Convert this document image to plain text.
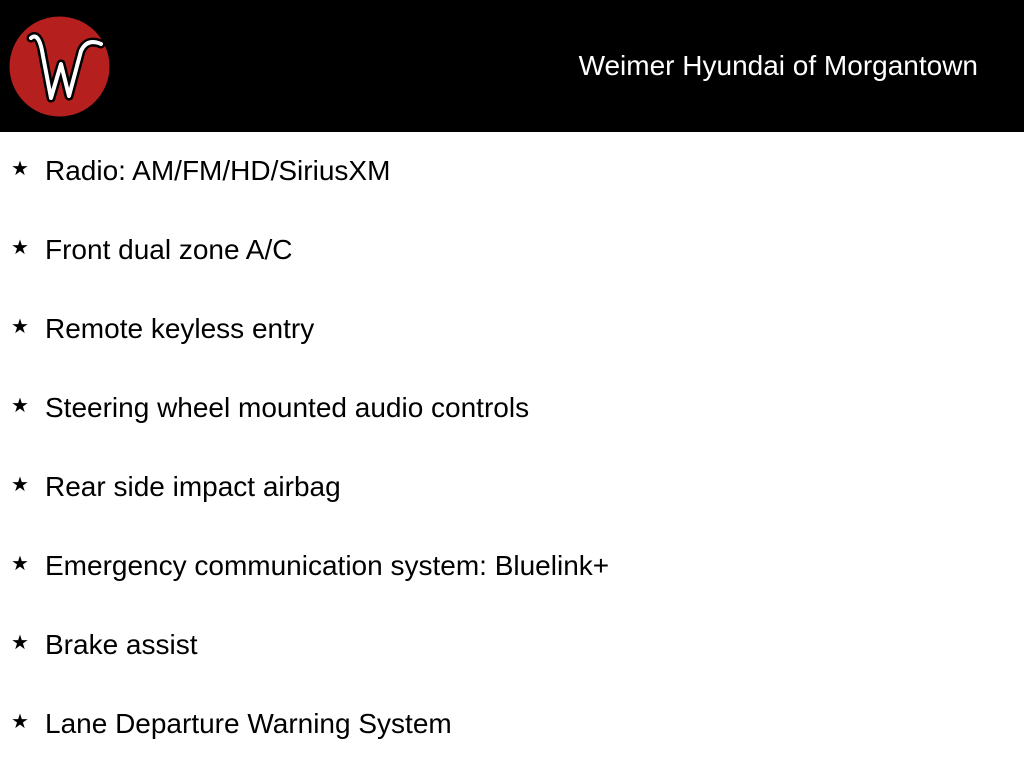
Weimer Hyundai of Morgantown
★ Radio: AM/FM/HD/SiriusXM
★ Front dual zone A/C
★ Remote keyless entry
★ Steering wheel mounted audio controls
★ Rear side impact airbag
★ Emergency communication system: Bluelink+
★ Brake assist
★ Lane Departure Warning System
